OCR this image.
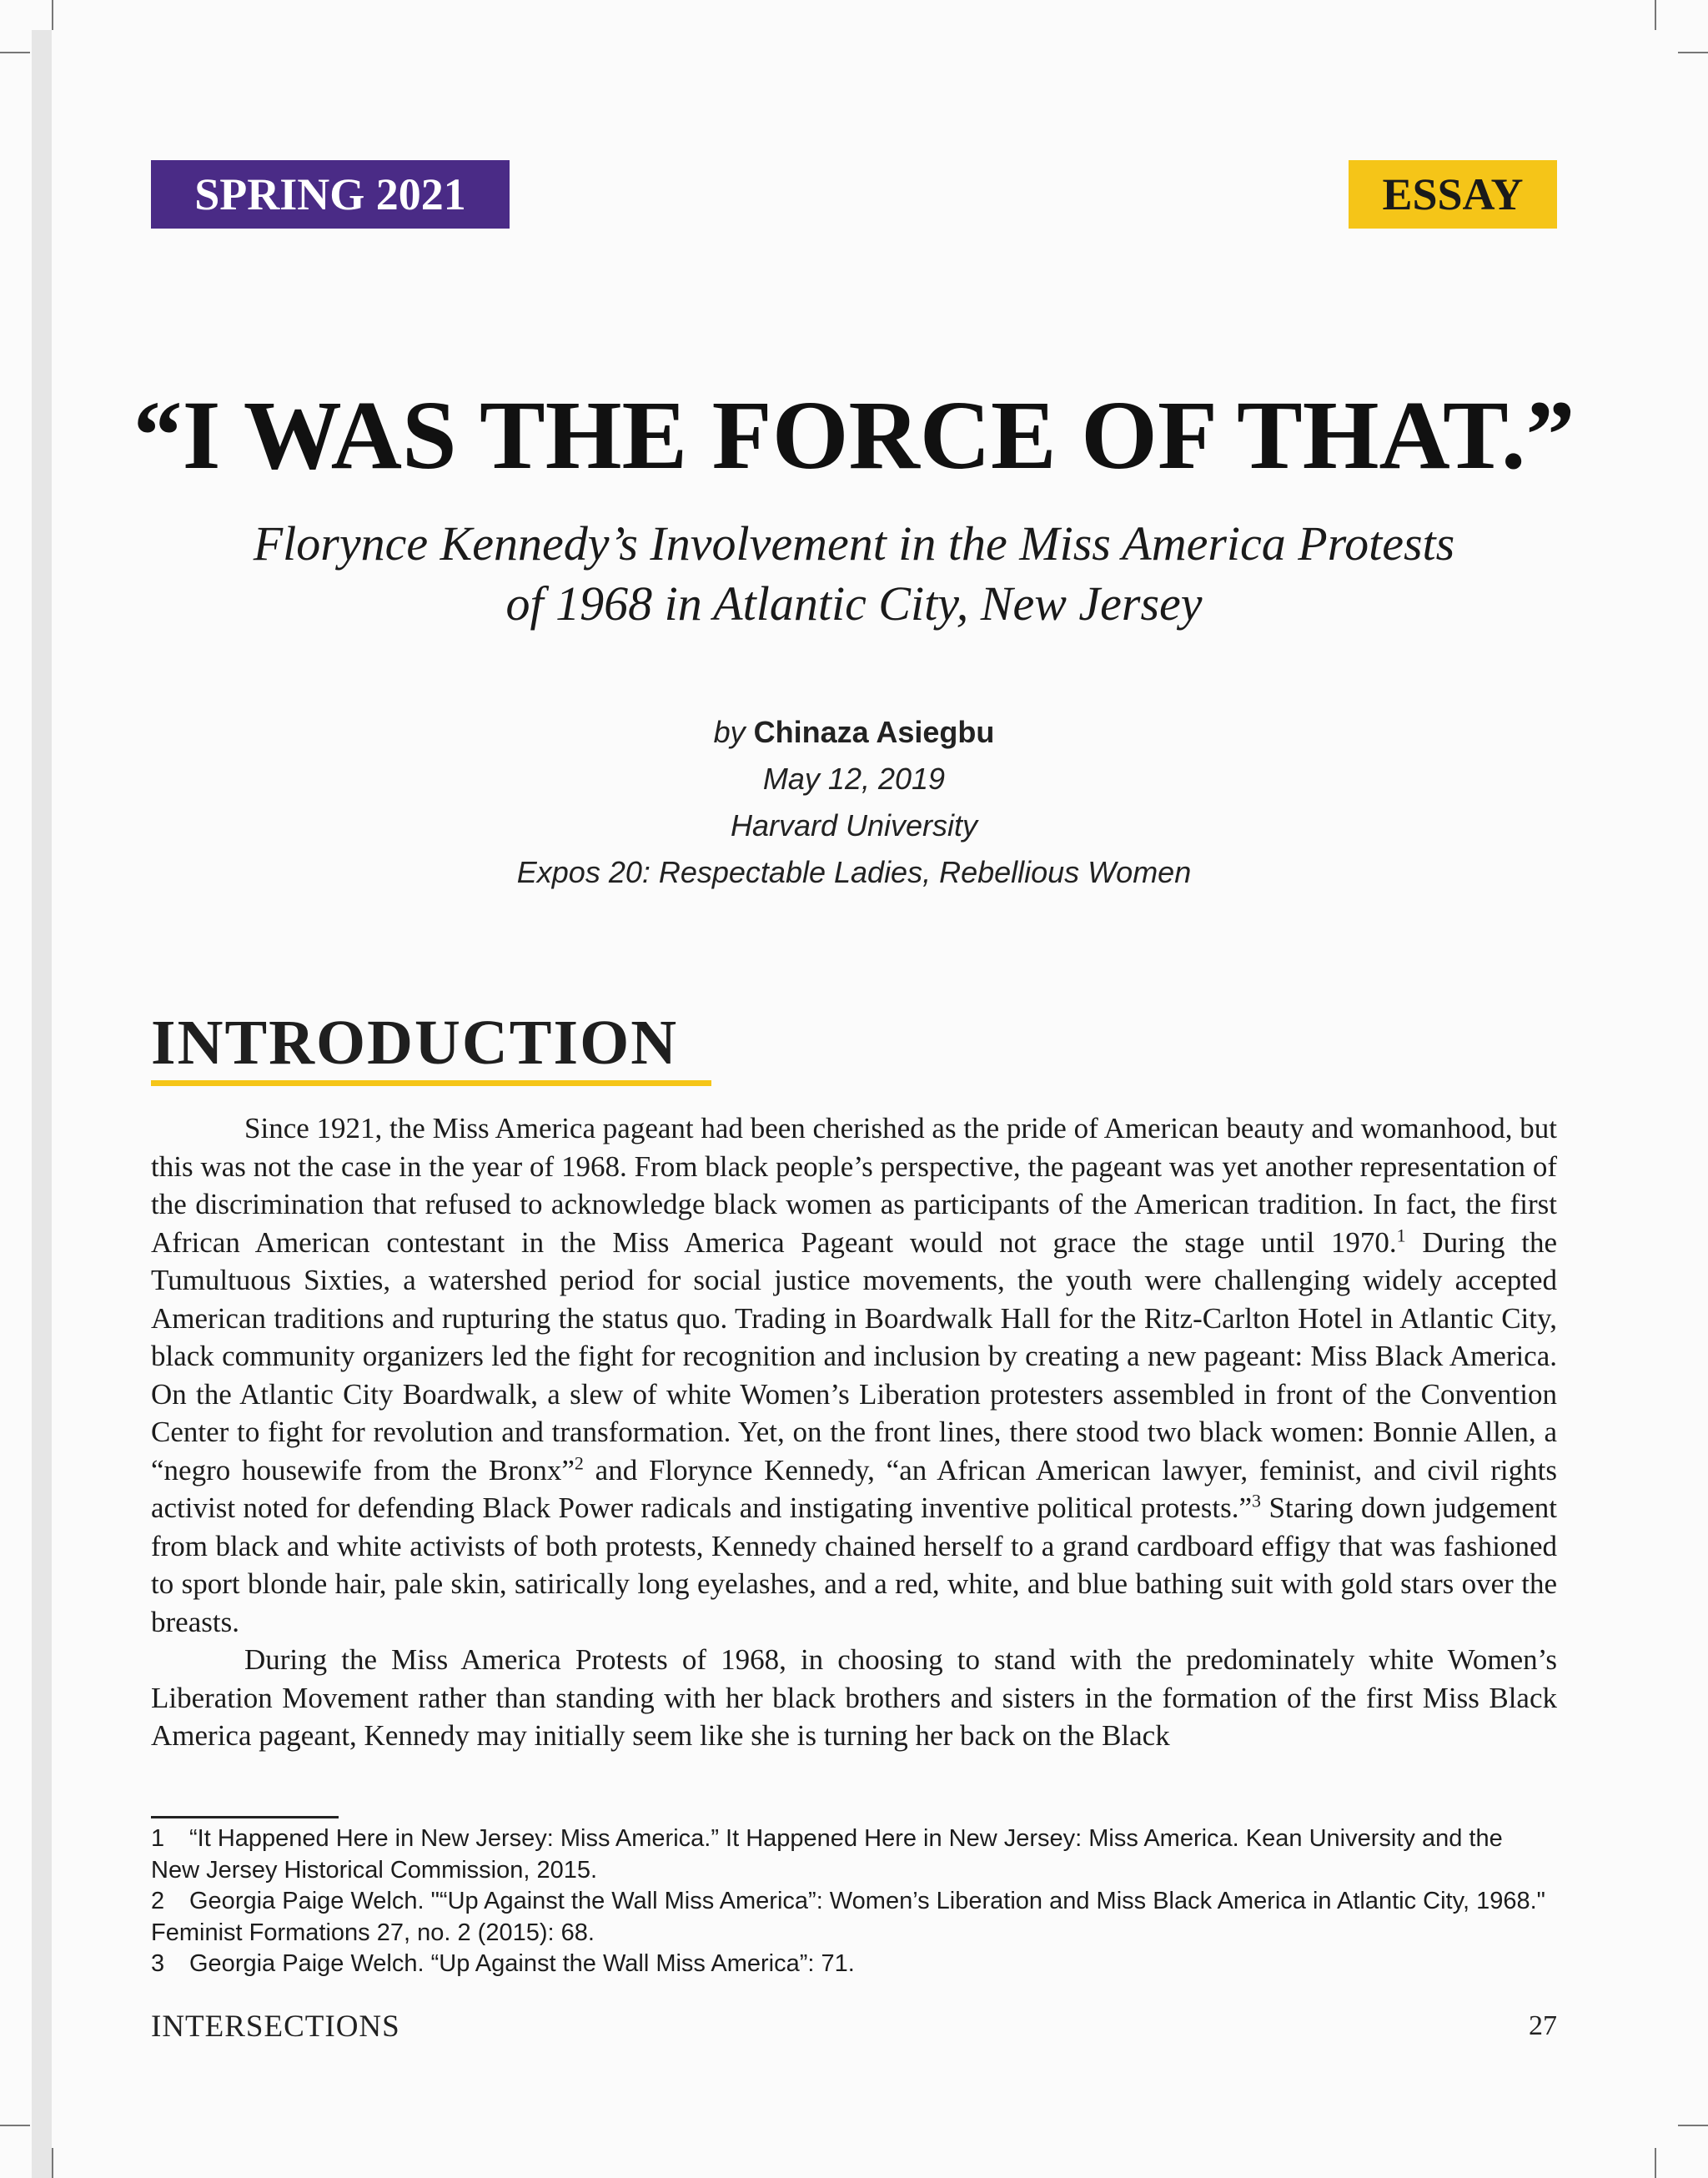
SPRING 2021	ESSAY
“I WAS THE FORCE OF THAT.”
Florynce Kennedy’s Involvement in the Miss America Protests
of 1968 in Atlantic City, New Jersey
by Chinaza Asiegbu
May 12, 2019
Harvard University
Expos 20: Respectable Ladies, Rebellious Women
INTRODUCTION

Since 1921, the Miss America pageant had been cherished as the pride of American beauty and womanhood, but this was not the case in the year of 1968. From black people’s perspective, the pageant was yet another representation of the discrimination that refused to acknowledge black women as participants of the American tradition. In fact, the first African American contestant in the Miss America Pageant would not grace the stage until 1970.$^1$ During the Tumultuous Sixties, a watershed period for social justice movements, the youth were challenging widely accepted American traditions and rupturing the status quo. Trading in Boardwalk Hall for the Ritz-Carlton Hotel in Atlantic City, black community organizers led the fight for recognition and inclusion by creating a new pageant: Miss Black America. On the Atlantic City Boardwalk, a slew of white Women’s Liberation protesters assembled in front of the Convention Center to fight for revolution and transformation. Yet, on the front lines, there stood two black women: Bonnie Allen, a “negro housewife from the Bronx”$^2$ and Florynce Kennedy, “an African American lawyer, feminist, and civil rights activist noted for defending Black Power radicals and instigating inventive political protests.”$^3$ Staring down judgement from black and white activists of both protests, Kennedy chained herself to a grand cardboard effigy that was fashioned to sport blonde hair, pale skin, satirically long eyelashes, and a red, white, and blue bathing suit with gold stars over the breasts.

During the Miss America Protests of 1968, in choosing to stand with the predominately white Women’s Liberation Movement rather than standing with her black brothers and sisters in the formation of the first Miss Black America pageant, Kennedy may initially seem like she is turning her back on the Black

1 “It Happened Here in New Jersey: Miss America.” It Happened Here in New Jersey: Miss America. Kean University and the New Jersey Historical Commission, 2015.
2 Georgia Paige Welch. "“Up Against the Wall Miss America”: Women’s Liberation and Miss Black America in Atlantic City, 1968." Feminist Formations 27, no. 2 (2015): 68.
3 Georgia Paige Welch. “Up Against the Wall Miss America”: 71.
INTERSECTIONS	27
